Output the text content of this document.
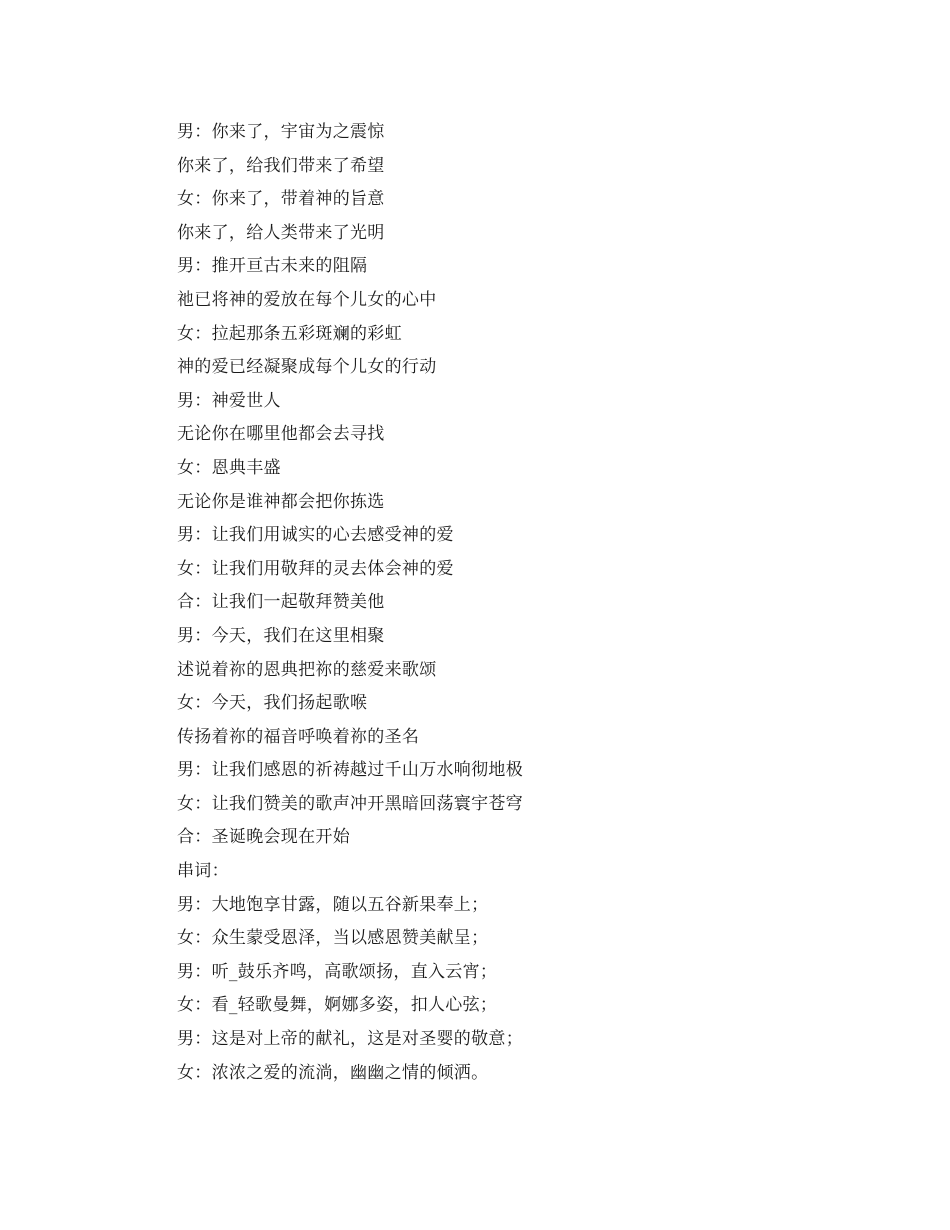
男：你来了，宇宙为之震惊
你来了，给我们带来了希望
女：你来了，带着神的旨意
你来了，给人类带来了光明
男：推开亘古未来的阻隔
祂已将神的爱放在每个儿女的心中
女：拉起那条五彩斑斓的彩虹
神的爱已经凝聚成每个儿女的行动
男：神爱世人
无论你在哪里他都会去寻找
女：恩典丰盛
无论你是谁神都会把你拣选
男：让我们用诚实的心去感受神的爱
女：让我们用敬拜的灵去体会神的爱
合：让我们一起敬拜赞美他
男：今天，我们在这里相聚
述说着祢的恩典把祢的慈爱来歌颂
女：今天，我们扬起歌喉
传扬着祢的福音呼唤着祢的圣名
男：让我们感恩的祈祷越过千山万水响彻地极
女：让我们赞美的歌声冲开黑暗回荡寰宇苍穹
合：圣诞晚会现在开始
串词：
男：大地饱享甘露，随以五谷新果奉上；
女：众生蒙受恩泽，当以感恩赞美献呈；
男：听_鼓乐齐鸣，高歌颂扬，直入云宵；
女：看_轻歌曼舞，婀娜多姿，扣人心弦；
男：这是对上帝的献礼，这是对圣婴的敬意；
女：浓浓之爱的流淌，幽幽之情的倾洒。
